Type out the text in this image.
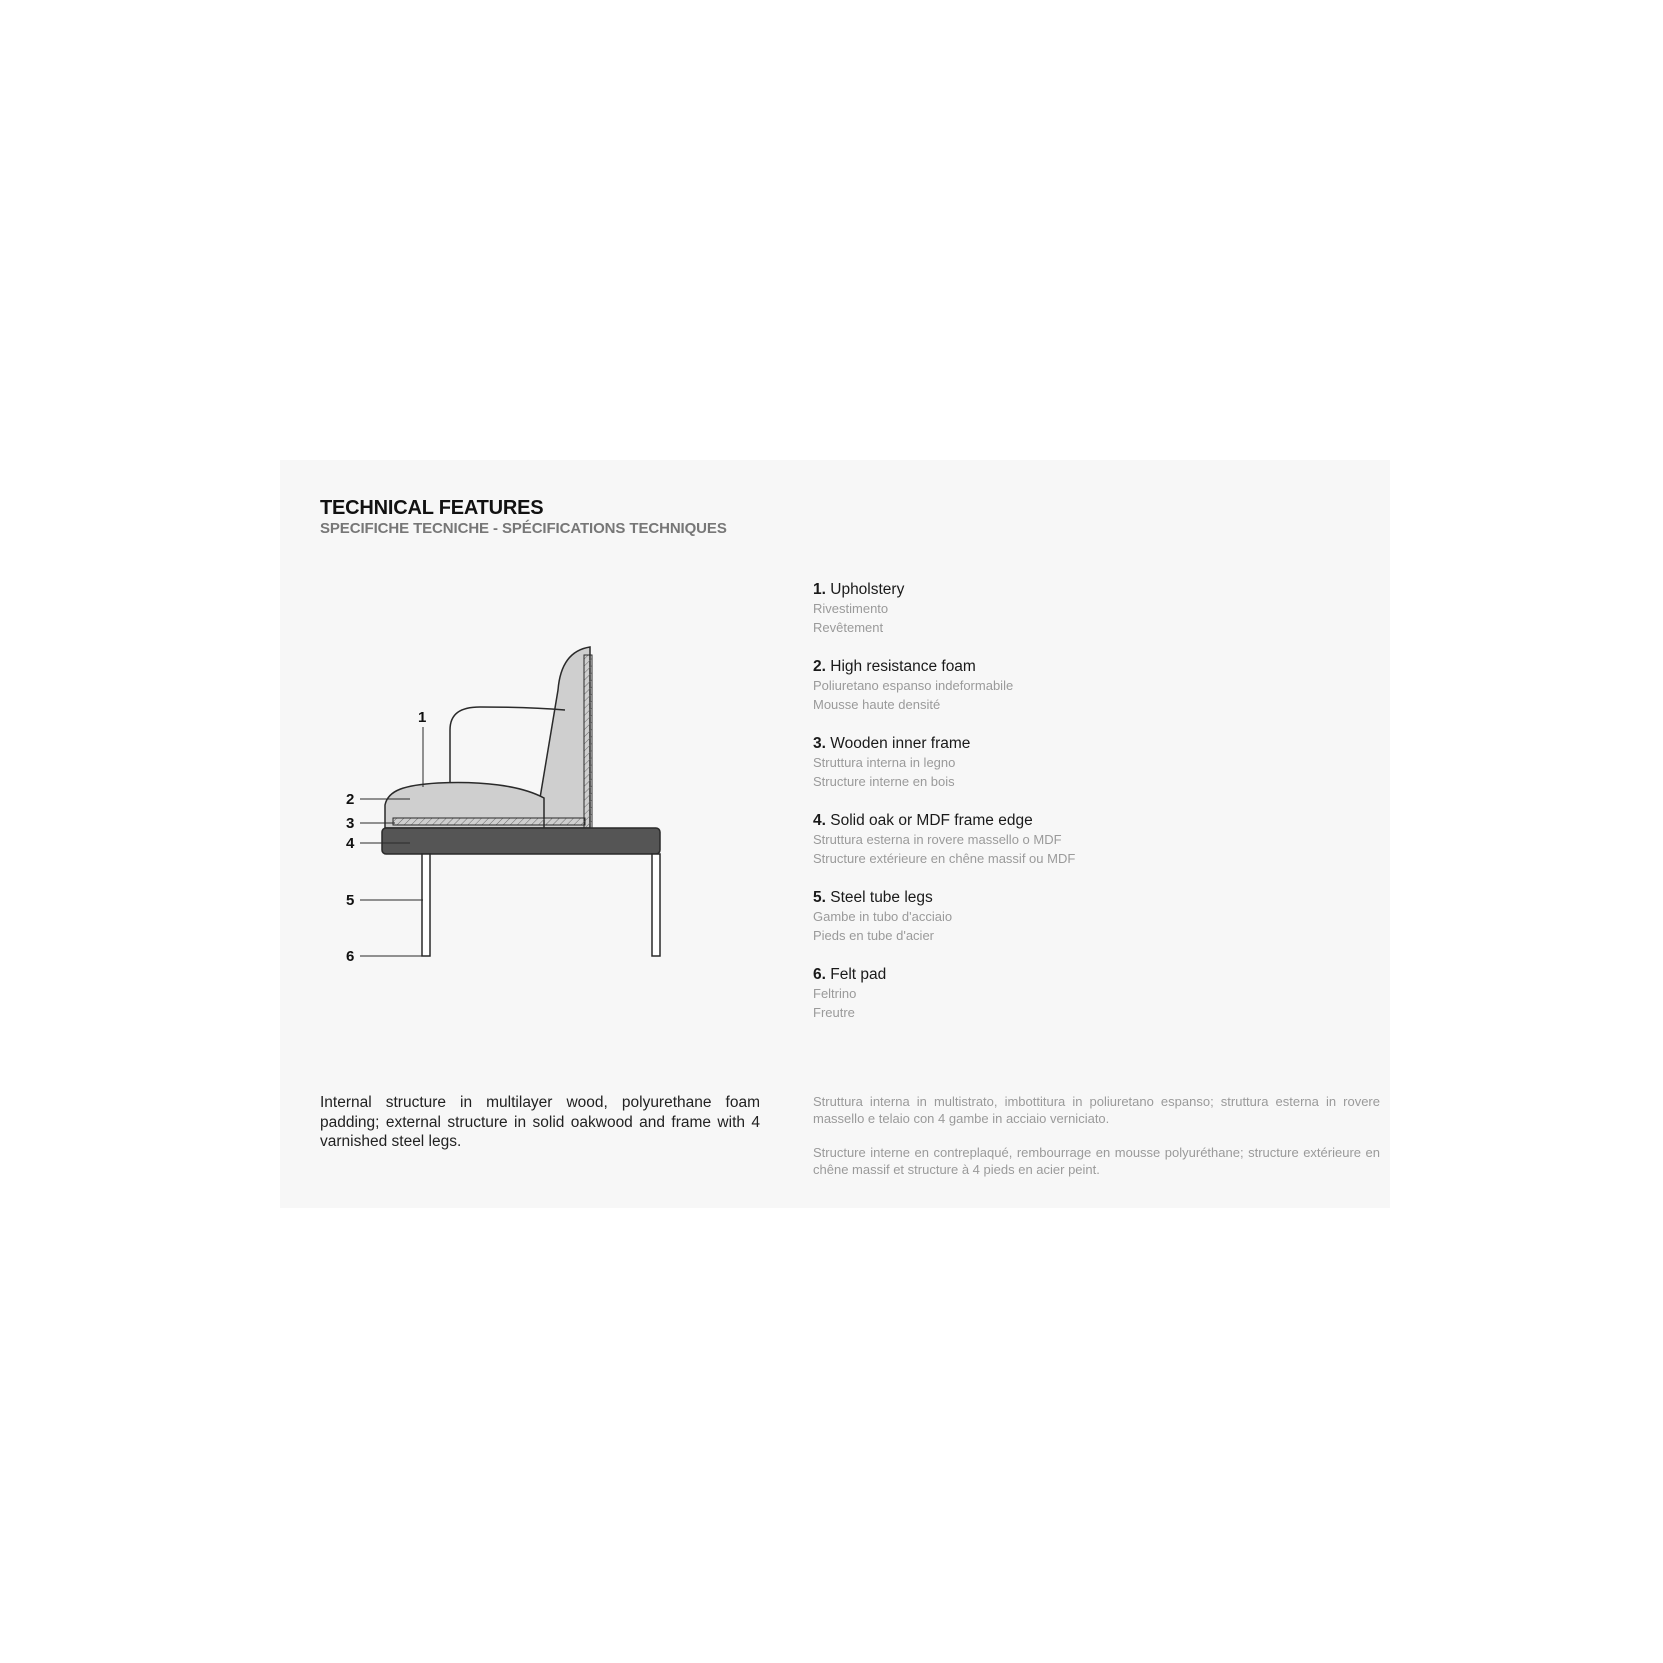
TECHNICAL FEATURES
SPECIFICHE TECNICHE - SPÉCIFICATIONS TECHNIQUES
1
2
3
4
5
6
1. Upholstery
Rivestimento
Revêtement
2. High resistance foam
Poliuretano espanso indeformabile
Mousse haute densité
3. Wooden inner frame
Struttura interna in legno
Structure interne en bois
4. Solid oak or MDF frame edge
Struttura esterna in rovere massello o MDF
Structure extérieure en chêne massif ou MDF
5. Steel tube legs
Gambe in tubo d'acciaio
Pieds en tube d'acier
6. Felt pad
Feltrino
Freutre
Internal structure in multilayer wood, polyurethane foam padding; external structure in solid oakwood and frame with 4 varnished steel legs.
Struttura interna in multistrato, imbottitura in poliuretano espanso; struttura esterna in rovere massello e telaio con 4 gambe in acciaio verniciato.
Structure interne en contreplaqué, rembourrage en mousse polyuréthane; structure extérieure en chêne massif et structure à 4 pieds en acier peint.
